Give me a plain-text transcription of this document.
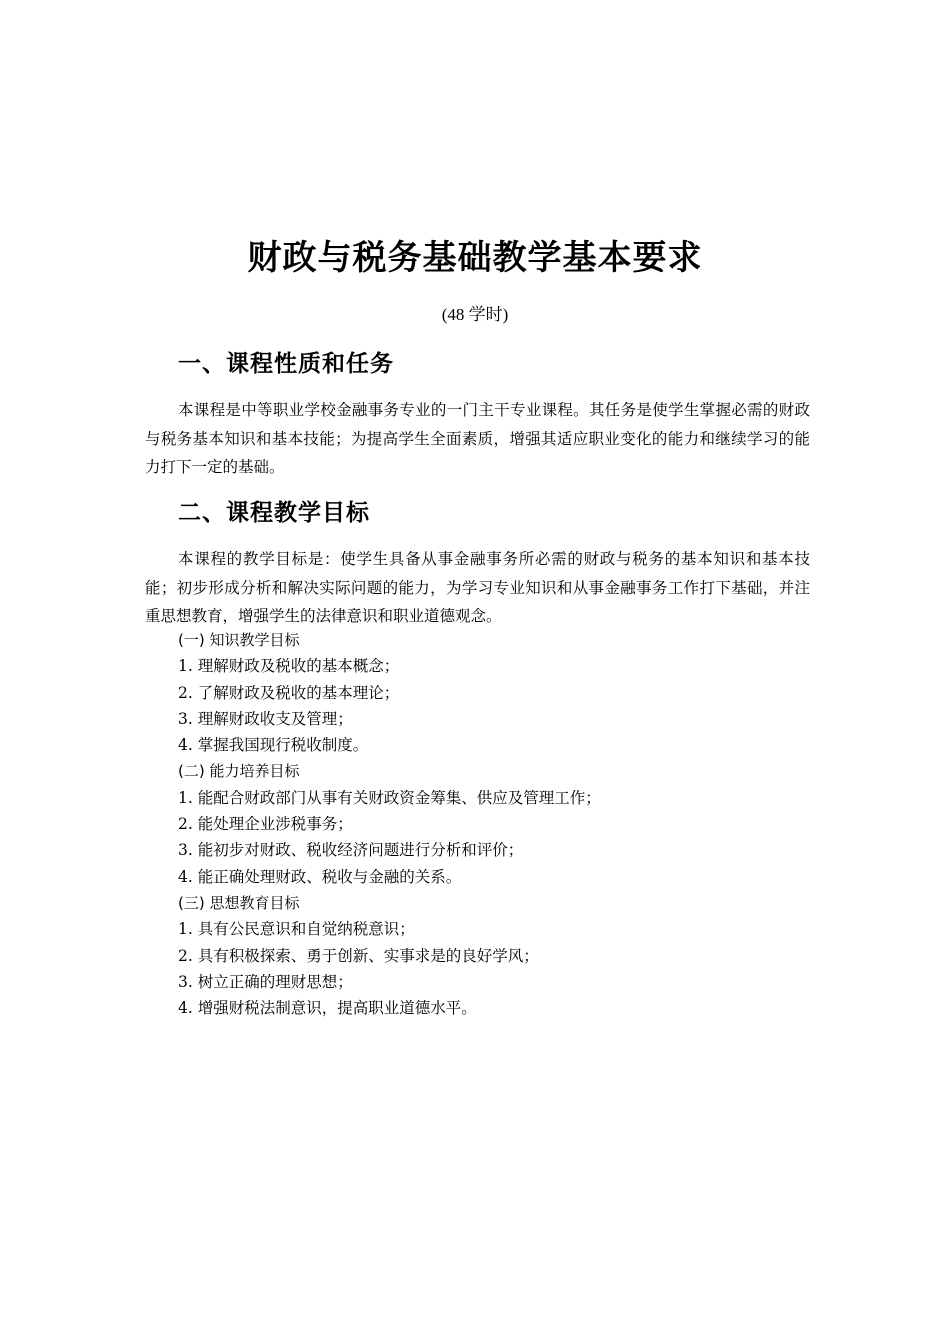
财政与税务基础教学基本要求
(48 学时)
一、课程性质和任务

本课程是中等职业学校金融事务专业的一门主干专业课程。其任务是使学生掌握必需的财政与税务基本知识和基本技能；为提高学生全面素质，增强其适应职业变化的能力和继续学习的能力打下一定的基础。

二、课程教学目标

本课程的教学目标是：使学生具备从事金融事务所必需的财政与税务的基本知识和基本技能；初步形成分析和解决实际问题的能力，为学习专业知识和从事金融事务工作打下基础，并注重思想教育，增强学生的法律意识和职业道德观念。

(一) 知识教学目标
1. 理解财政及税收的基本概念；
2. 了解财政及税收的基本理论；
3. 理解财政收支及管理；
4. 掌握我国现行税收制度。
(二) 能力培养目标
1. 能配合财政部门从事有关财政资金筹集、供应及管理工作；
2. 能处理企业涉税事务；
3. 能初步对财政、税收经济问题进行分析和评价；
4. 能正确处理财政、税收与金融的关系。
(三) 思想教育目标
1. 具有公民意识和自觉纳税意识；
2. 具有积极探索、勇于创新、实事求是的良好学风；
3. 树立正确的理财思想；
4. 增强财税法制意识，提高职业道德水平。
